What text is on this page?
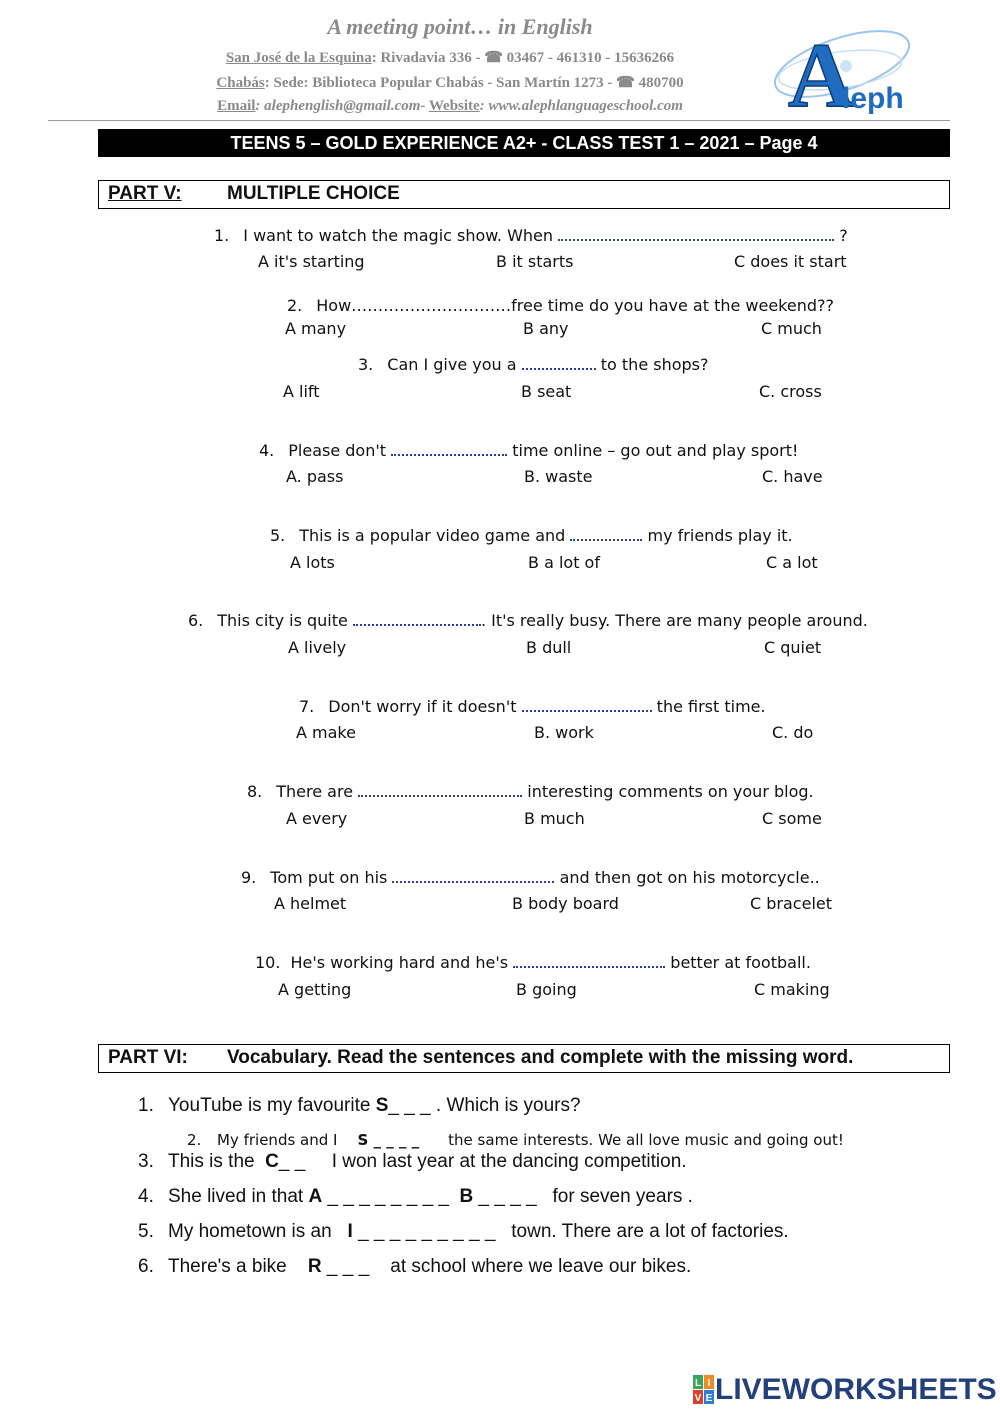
A meeting point… in English
San José de la Esquina: Rivadavia 336 - ☎ 03467 - 461310 - 15636266
Chabás: Sede: Biblioteca Popular Chabás - San Martín 1273 - ☎ 480700
Email: alephenglish@gmail.com- Website: www.alephlanguageschool.com	A
leph
TEENS 5 – GOLD EXPERIENCE A2+ - CLASS TEST 1 – 2021 – Page 4
PART V: MULTIPLE CHOICE
1. I want to watch the magic show. When	?
A it's starting	B it starts	C does it start
2. How…………………………free time do you have at the weekend??
A many	B any	C much
3. Can I give you a	to the shops?
A lift	B seat	C. cross
4. Please don't	time online – go out and play sport!
A. pass	B. waste	C. have
5. This is a popular video game and	my friends play it.
A lots	B a lot of	C a lot
6. This city is quite	. It's really busy. There are many people around.
A lively	B dull	C quiet
7. Don't worry if it doesn't	the first time.
A make	B. work	C. do
8. There are	interesting comments on your blog.
A every	B much	C some
9. Tom put on his	and then got on his motorcycle..
A helmet	B body board	C bracelet
10. He's working hard and he's	better at football.
A getting	B going	C making
PART VI: Vocabulary. Read the sentences and complete with the missing word.
1. YouTube is my favourite S_ _ _ . Which is yours?
2. My friends and I S _ _ _ _ the same interests. We all love music and going out!
3. This is the  C_ _     I won last year at the dancing competition.
4. She lived in that A _ _ _ _ _ _ _ _  B _ _ _ _   for seven years .
5. My hometown is an   I _ _ _ _ _ _ _ _ _   town. There are a lot of factories.
6. There's a bike    R _ _ _    at school where we leave our bikes.
L I
V E LIVEWORKSHEETS
